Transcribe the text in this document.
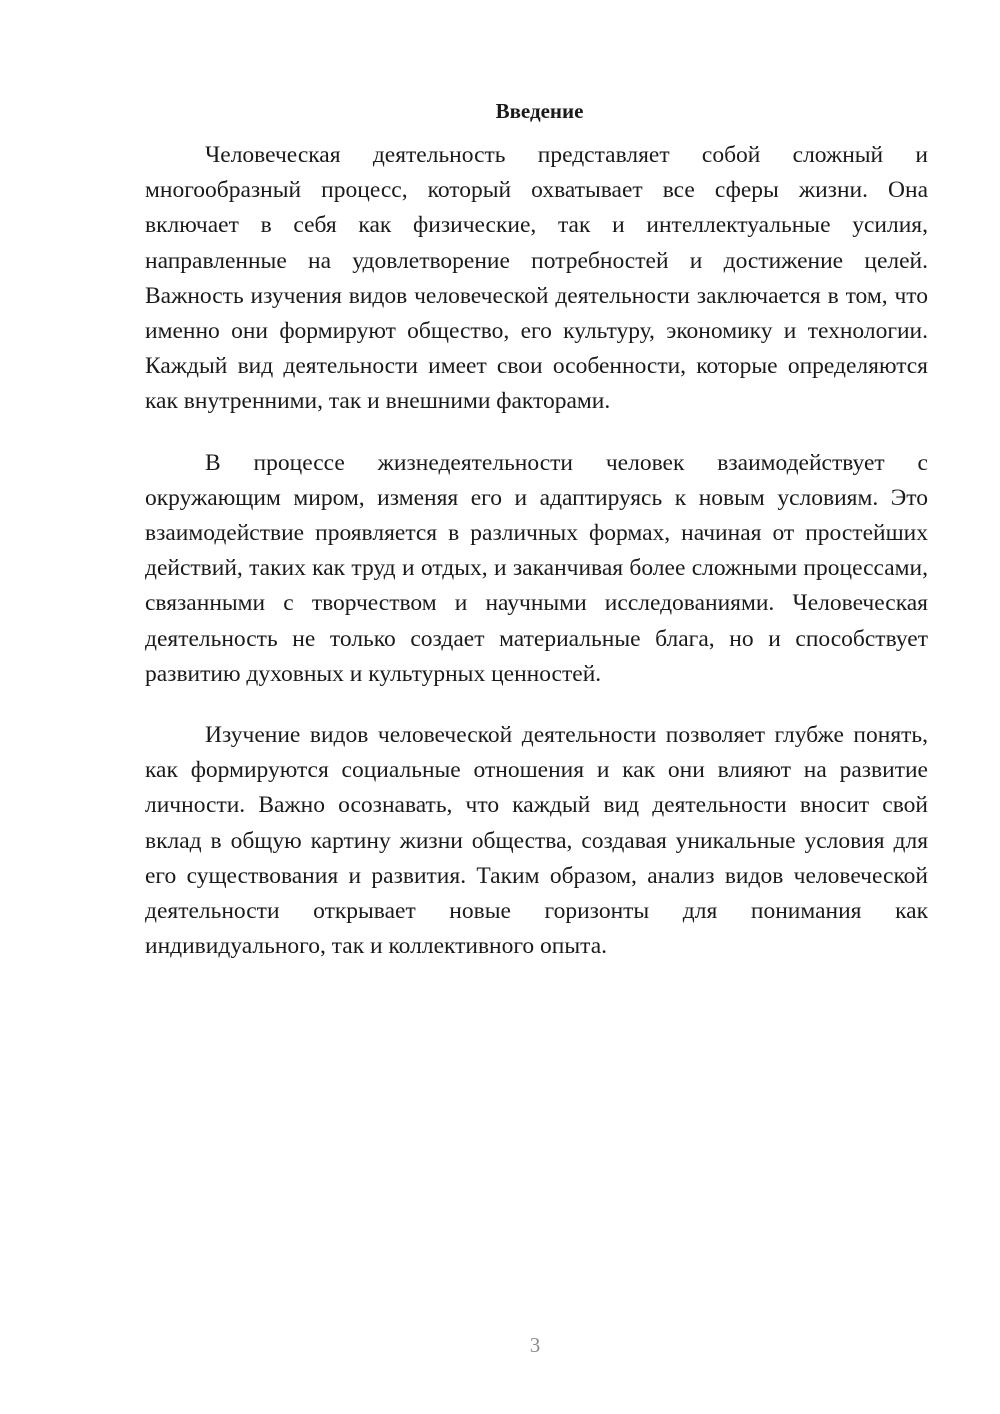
Введение

Человеческая деятельность представляет собой сложный и многообразный процесс, который охватывает все сферы жизни. Она включает в себя как физические, так и интеллектуальные усилия, направленные на удовлетворение потребностей и достижение целей. Важность изучения видов человеческой деятельности заключается в том, что именно они формируют общество, его культуру, экономику и технологии. Каждый вид деятельности имеет свои особенности, которые определяются как внутренними, так и внешними факторами.

В процессе жизнедеятельности человек взаимодействует с окружающим миром, изменяя его и адаптируясь к новым условиям. Это взаимодействие проявляется в различных формах, начиная от простейших действий, таких как труд и отдых, и заканчивая более сложными процессами, связанными с творчеством и научными исследованиями. Человеческая деятельность не только создает материальные блага, но и способствует развитию духовных и культурных ценностей.

Изучение видов человеческой деятельности позволяет глубже понять, как формируются социальные отношения и как они влияют на развитие личности. Важно осознавать, что каждый вид деятельности вносит свой вклад в общую картину жизни общества, создавая уникальные условия для его существования и развития. Таким образом, анализ видов человеческой деятельности открывает новые горизонты для понимания как индивидуального, так и коллективного опыта.

3
